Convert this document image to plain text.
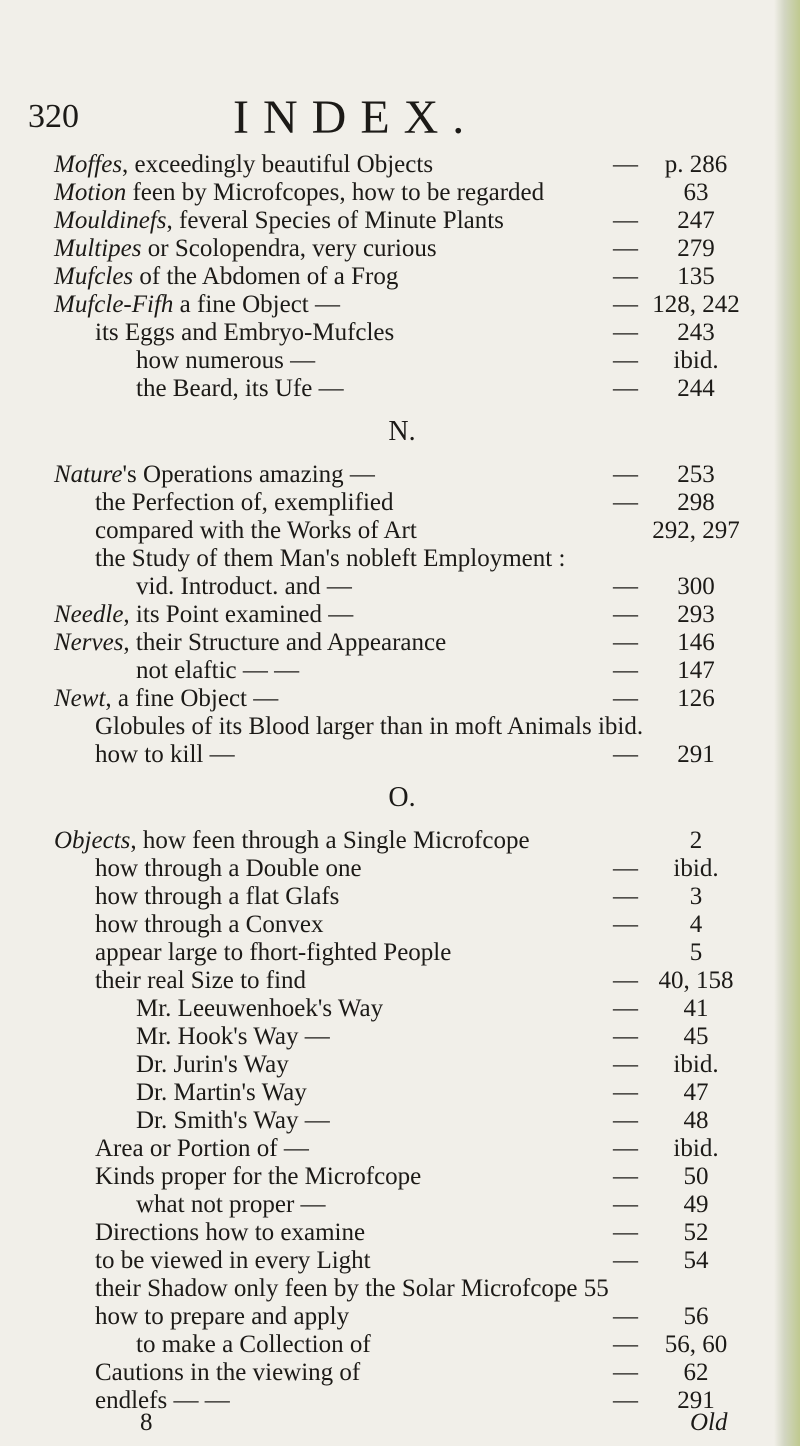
320	INDEX.
Moffes, exceedingly beautiful Objects	—	p. 286
Motion feen by Microfcopes, how to be regarded	63
Mouldinefs, feveral Species of Minute Plants	—	247
Multipes or Scolopendra, very curious	—	279
Mufcles of the Abdomen of a Frog	—	135
Mufcle-Fifh a fine Object —	— 128, 242
its Eggs and Embryo-Mufcles	—	243
how numerous —	—	ibid.
the Beard, its Ufe —	—	244
N.
Nature's Operations amazing —	—	253
the Perfection of, exemplified	—	298
compared with the Works of Art	292, 297
the Study of them Man's nobleft Employment :
vid. Introduct. and —	—	300
Needle, its Point examined —	—	293
Nerves, their Structure and Appearance	—	146
not elaftic — —	—	147
Newt, a fine Object —	—	126
Globules of its Blood larger than in moft Animals ibid.
how to kill —	—	291
O.
Objects, how feen through a Single Microfcope	2
how through a Double one	—	ibid.
how through a flat Glafs	—	3
how through a Convex	—	4
appear large to fhort-fighted People	5
their real Size to find	— 40, 158
Mr. Leeuwenhoek's Way	—	41
Mr. Hook's Way —	—	45
Dr. Jurin's Way	—	ibid.
Dr. Martin's Way	—	47
Dr. Smith's Way —	—	48
Area or Portion of —	—	ibid.
Kinds proper for the Microfcope	—	50
what not proper —	—	49
Directions how to examine	—	52
to be viewed in every Light	—	54
their Shadow only feen by the Solar Microfcope 55
how to prepare and apply	—	56
to make a Collection of	—	56, 60
Cautions in the viewing of	—	62
endlefs — —	—	291
8	Old
